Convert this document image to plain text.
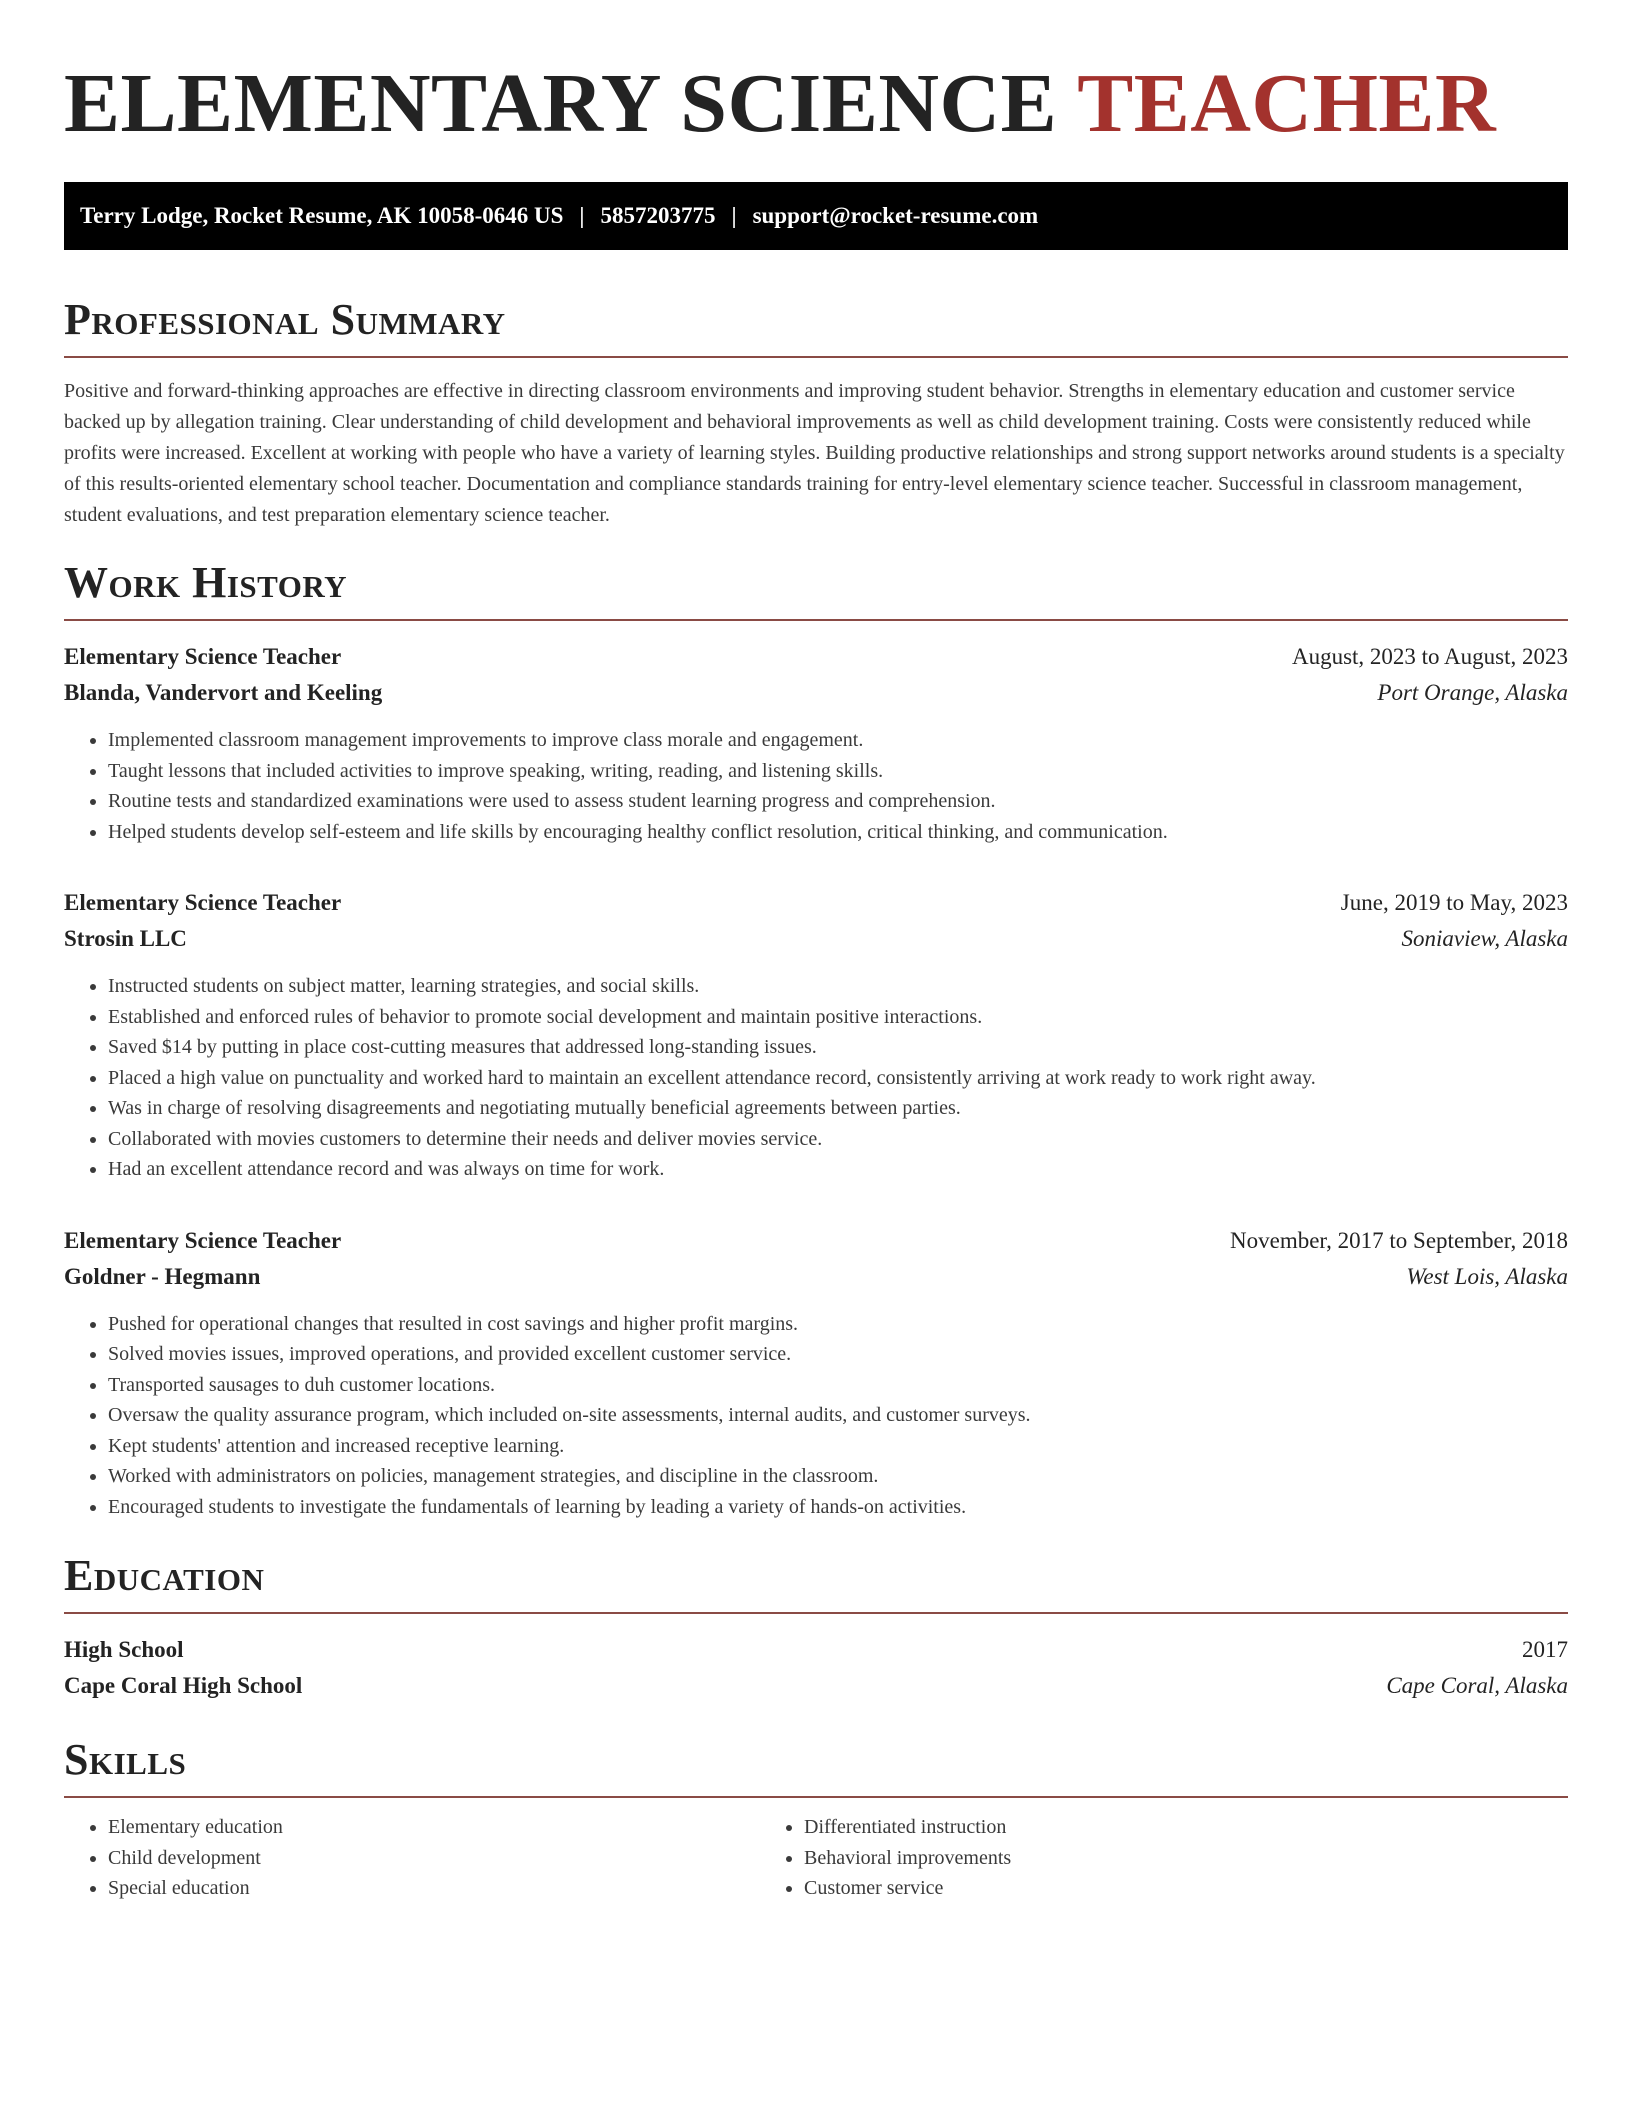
ELEMENTARY SCIENCE TEACHER
Terry Lodge, Rocket Resume, AK 10058-0646 US | 5857203775 | support@rocket-resume.com
Professional Summary

Positive and forward-thinking approaches are effective in directing classroom environments and improving student behavior. Strengths in elementary education and customer service backed up by allegation training. Clear understanding of child development and behavioral improvements as well as child development training. Costs were consistently reduced while profits were increased. Excellent at working with people who have a variety of learning styles. Building productive relationships and strong support networks around students is a specialty of this results-oriented elementary school teacher. Documentation and compliance standards training for entry-level elementary science teacher. Successful in classroom management, student evaluations, and test preparation elementary science teacher.

Work History
Elementary Science Teacher	August, 2023 to August, 2023
Blanda, Vandervort and Keeling	Port Orange, Alaska
• Implemented classroom management improvements to improve class morale and engagement.
• Taught lessons that included activities to improve speaking, writing, reading, and listening skills.
• Routine tests and standardized examinations were used to assess student learning progress and comprehension.
• Helped students develop self-esteem and life skills by encouraging healthy conflict resolution, critical thinking, and communication.
Elementary Science Teacher	June, 2019 to May, 2023
Strosin LLC	Soniaview, Alaska
• Instructed students on subject matter, learning strategies, and social skills.
• Established and enforced rules of behavior to promote social development and maintain positive interactions.
• Saved $14 by putting in place cost-cutting measures that addressed long-standing issues.
• Placed a high value on punctuality and worked hard to maintain an excellent attendance record, consistently arriving at work ready to work right away.
• Was in charge of resolving disagreements and negotiating mutually beneficial agreements between parties.
• Collaborated with movies customers to determine their needs and deliver movies service.
• Had an excellent attendance record and was always on time for work.
Elementary Science Teacher	November, 2017 to September, 2018
Goldner - Hegmann	West Lois, Alaska
• Pushed for operational changes that resulted in cost savings and higher profit margins.
• Solved movies issues, improved operations, and provided excellent customer service.
• Transported sausages to duh customer locations.
• Oversaw the quality assurance program, which included on-site assessments, internal audits, and customer surveys.
• Kept students' attention and increased receptive learning.
• Worked with administrators on policies, management strategies, and discipline in the classroom.
• Encouraged students to investigate the fundamentals of learning by leading a variety of hands-on activities.
Education
High School	2017
Cape Coral High School	Cape Coral, Alaska
Skills
• Elementary education
• Child development
• Special education
• Differentiated instruction
• Behavioral improvements
• Customer service
